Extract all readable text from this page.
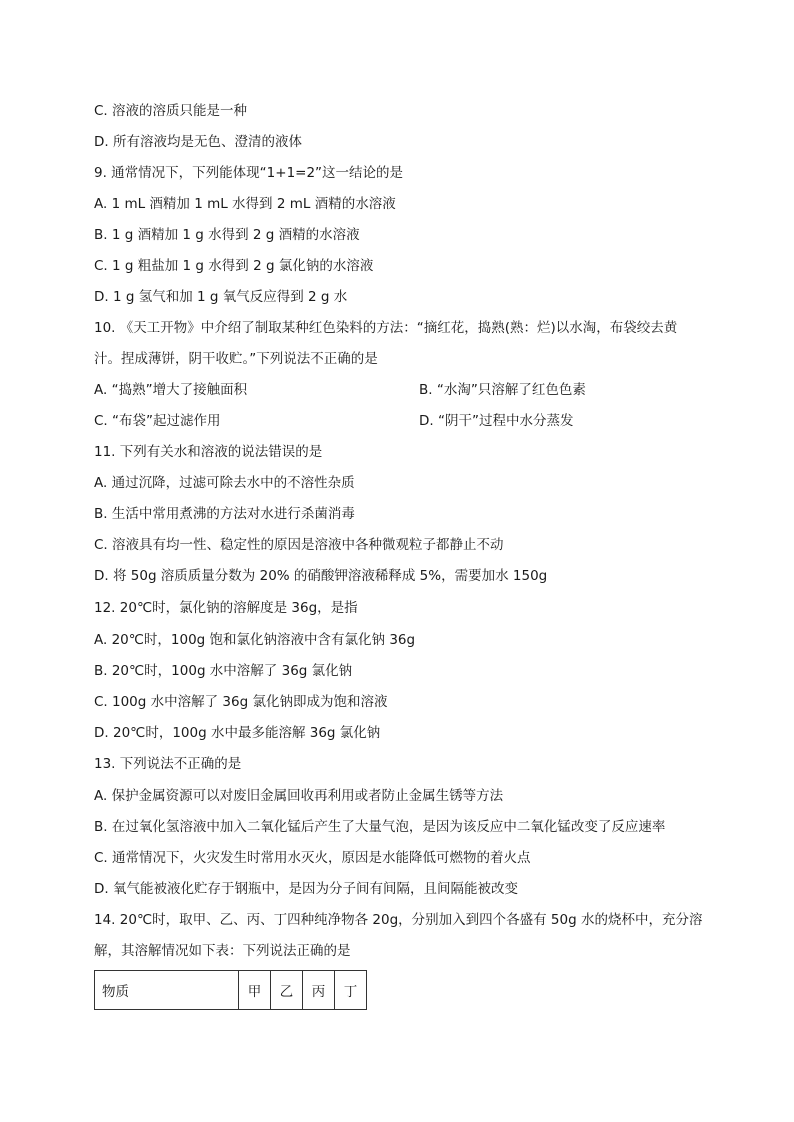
C. 溶液的溶质只能是一种
D. 所有溶液均是无色、澄清的液体
9. 通常情况下，下列能体现“1+1=2”这一结论的是
A. 1 mL 酒精加 1 mL 水得到 2 mL 酒精的水溶液
B. 1 g 酒精加 1 g 水得到 2 g 酒精的水溶液
C. 1 g 粗盐加 1 g 水得到 2 g 氯化钠的水溶液
D. 1 g 氢气和加 1 g 氧气反应得到 2 g 水
10. 《天工开物》中介绍了制取某种红色染料的方法：“摘红花，捣熟(熟：烂)以水淘，布袋绞去黄
汁。捏成薄饼，阴干收贮。”下列说法不正确的是
A. “捣熟”增大了接触面积	B. “水淘”只溶解了红色色素
C. “布袋”起过滤作用	D. “阴干”过程中水分蒸发
11. 下列有关水和溶液的说法错误的是
A. 通过沉降，过滤可除去水中的不溶性杂质
B. 生活中常用煮沸的方法对水进行杀菌消毒
C. 溶液具有均一性、稳定性的原因是溶液中各种微观粒子都静止不动
D. 将 50g 溶质质量分数为 20% 的硝酸钾溶液稀释成 5%，需要加水 150g
12. 20℃时，氯化钠的溶解度是 36g，是指
A. 20℃时，100g 饱和氯化钠溶液中含有氯化钠 36g
B. 20℃时，100g 水中溶解了 36g 氯化钠
C. 100g 水中溶解了 36g 氯化钠即成为饱和溶液
D. 20℃时，100g 水中最多能溶解 36g 氯化钠
13. 下列说法不正确的是
A. 保护金属资源可以对废旧金属回收再利用或者防止金属生锈等方法
B. 在过氧化氢溶液中加入二氧化锰后产生了大量气泡，是因为该反应中二氧化锰改变了反应速率
C. 通常情况下，火灾发生时常用水灭火，原因是水能降低可燃物的着火点
D. 氧气能被液化贮存于钢瓶中，是因为分子间有间隔，且间隔能被改变
14. 20℃时，取甲、乙、丙、丁四种纯净物各 20g，分别加入到四个各盛有 50g 水的烧杯中，充分溶
解，其溶解情况如下表：下列说法正确的是
物质	甲	乙	丙	丁
